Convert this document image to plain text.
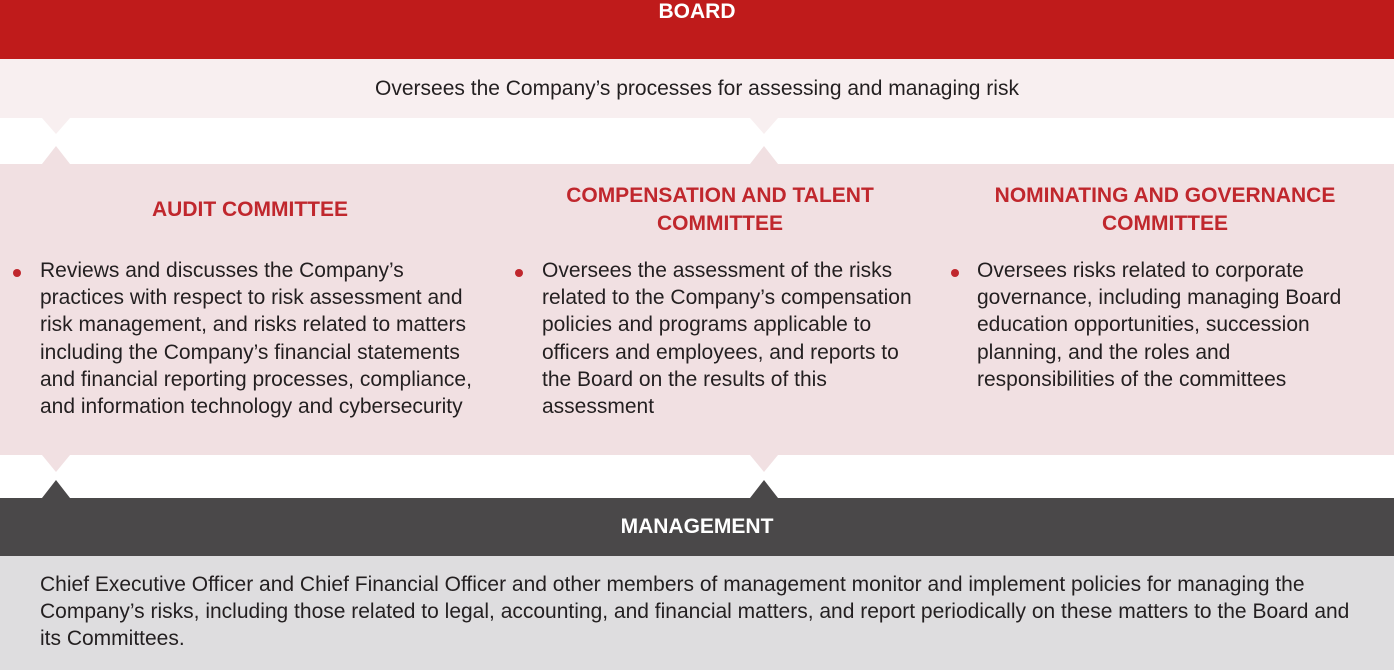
BOARD
Oversees the Company’s processes for assessing and managing risk
AUDIT COMMITTEE
Reviews and discusses the Company’s practices with respect to risk assessment and risk management, and risks related to matters including the Company’s financial statements and financial reporting processes, compliance, and information technology and cybersecurity
COMPENSATION AND TALENT COMMITTEE
Oversees the assessment of the risks related to the Company’s compensation policies and programs applicable to officers and employees, and reports to the Board on the results of this assessment
NOMINATING AND GOVERNANCE COMMITTEE
Oversees risks related to corporate governance, including managing Board education opportunities, succession planning, and the roles and responsibilities of the committees
MANAGEMENT
Chief Executive Officer and Chief Financial Officer and other members of management monitor and implement policies for managing the Company’s risks, including those related to legal, accounting, and financial matters, and report periodically on these matters to the Board and its Committees.
